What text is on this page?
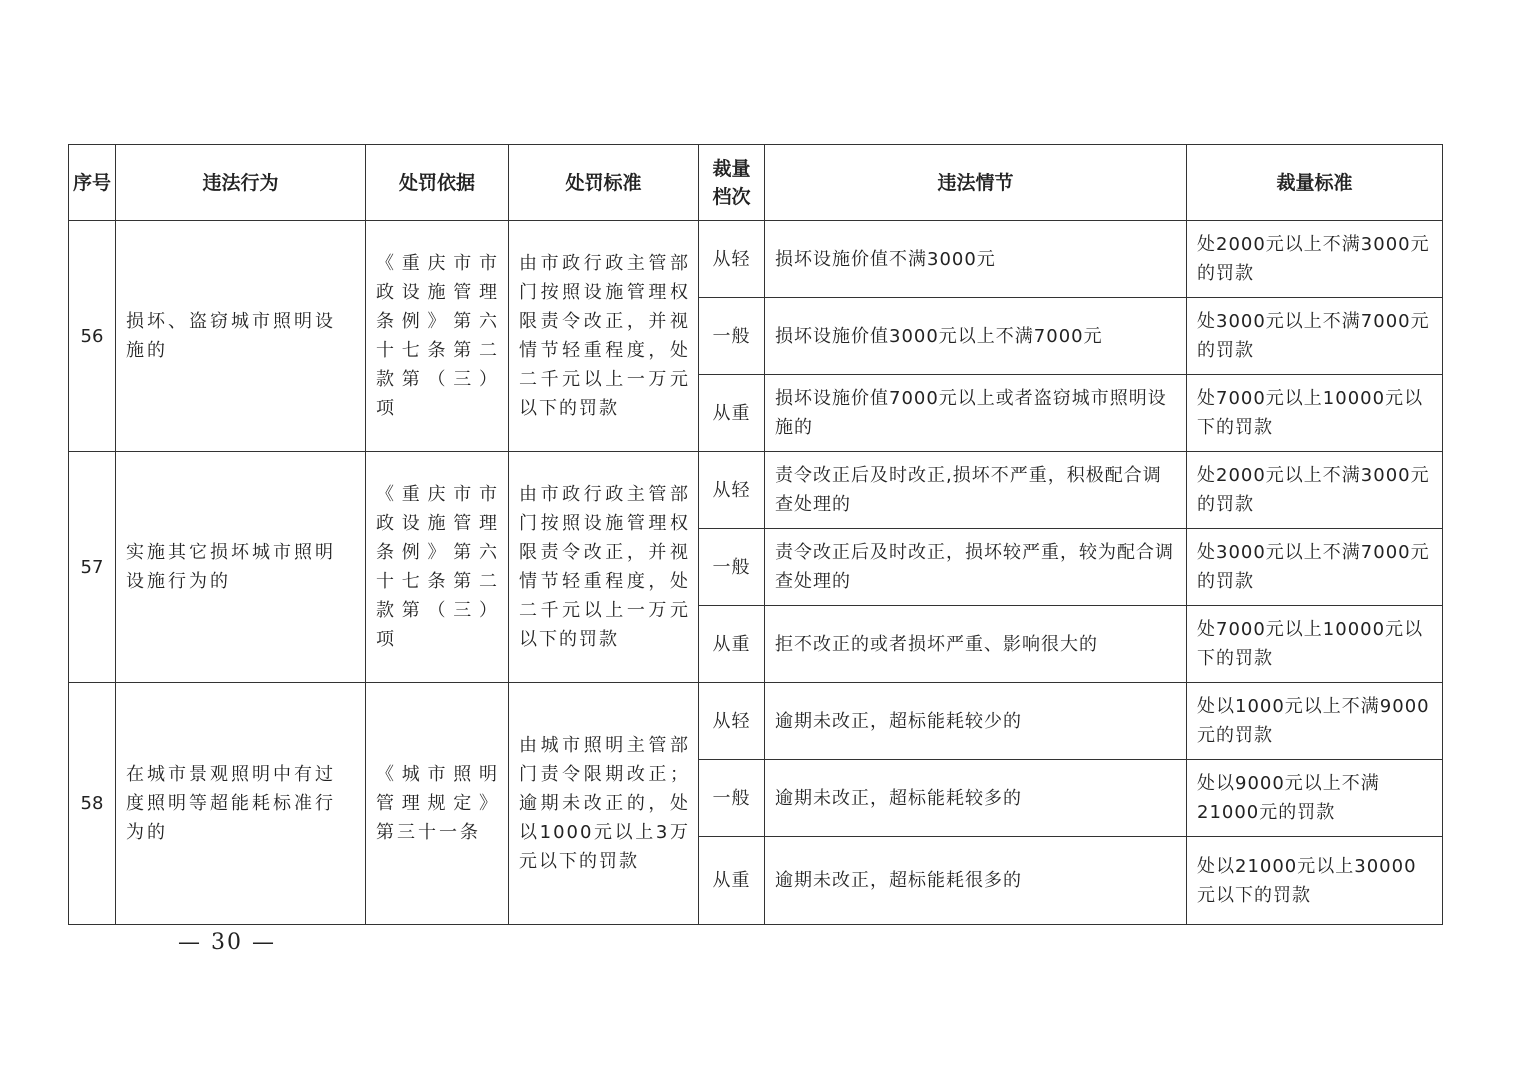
序号	违法行为	处罚依据	处罚标准	裁量档次	违法情节	裁量标准
56	损坏、盗窃城市照明设施的	《重庆市市政设施管理条例》第六十七条第二款第（三）项	由市政行政主管部门按照设施管理权限责令改正，并视情节轻重程度，处二千元以上一万元以下的罚款	从轻	损坏设施价值不满3000元	处2000元以上不满3000元的罚款
				一般	损坏设施价值3000元以上不满7000元	处3000元以上不满7000元的罚款
				从重	损坏设施价值7000元以上或者盗窃城市照明设施的	处7000元以上10000元以下的罚款
57	实施其它损坏城市照明设施行为的	《重庆市市政设施管理条例》第六十七条第二款第（三）项	由市政行政主管部门按照设施管理权限责令改正，并视情节轻重程度，处二千元以上一万元以下的罚款	从轻	责令改正后及时改正,损坏不严重，积极配合调查处理的	处2000元以上不满3000元的罚款
				一般	责令改正后及时改正，损坏较严重，较为配合调查处理的	处3000元以上不满7000元的罚款
				从重	拒不改正的或者损坏严重、影响很大的	处7000元以上10000元以下的罚款
58	在城市景观照明中有过度照明等超能耗标准行为的	《城市照明管理规定》第三十一条	由城市照明主管部门责令限期改正；逾期未改正的，处以1000元以上3万元以下的罚款	从轻	逾期未改正，超标能耗较少的	处以1000元以上不满9000元的罚款
				一般	逾期未改正，超标能耗较多的	处以9000元以上不满21000元的罚款
				从重	逾期未改正，超标能耗很多的	处以21000元以上30000元以下的罚款
— 30 —
